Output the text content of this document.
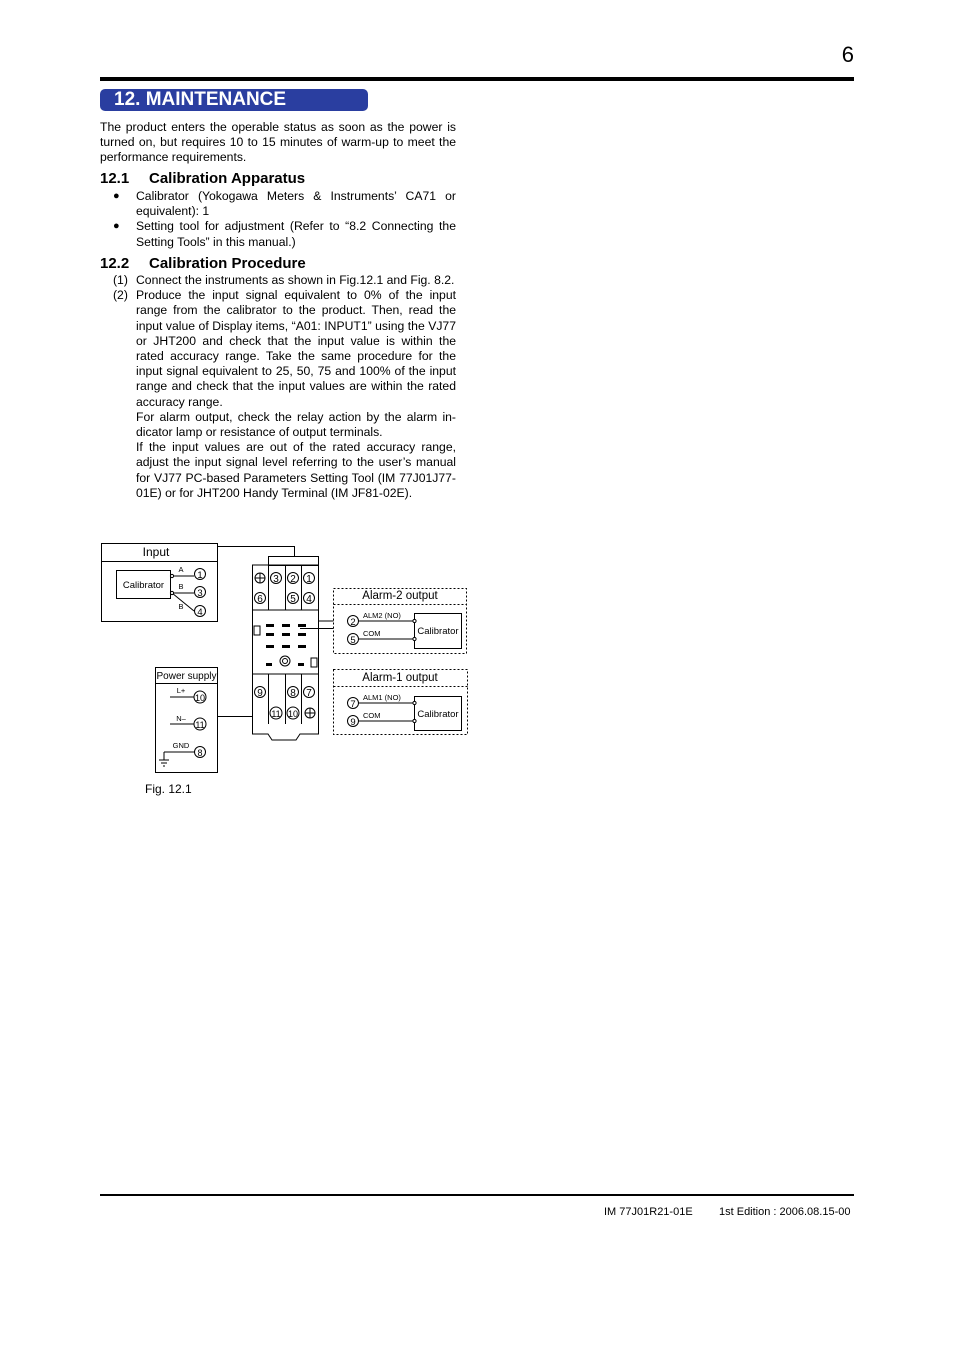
6
12. MAINTENANCE
The product enters the operable status as soon as the power is turned on, but requires 10 to 15 minutes of warm-up to meet the performance requirements.
12.1 Calibration Apparatus
● Calibrator (Yokogawa Meters & Instruments’ CA71 or equivalent): 1
● Setting tool for adjustment (Refer to “8.2 Connecting the Setting Tools” in this manual.)
12.2 Calibration Procedure
(1) Connect the instruments as shown in Fig.12.1 and Fig. 8.2.
(2) Produce the input signal equivalent to 0% of the input range from the calibrator to the product. Then, read the input value of Display items, “A01: INPUT1” using the VJ77 or JHT200 and check that the input value is within the rated accuracy range. Take the same procedure for the input signal equivalent to 25, 50, 75 and 100% of the input range and check that the input values are within the rated accuracy range.
For alarm output, check the relay action by the alarm in-dicator lamp or resistance of output terminals.
If the input values are out of the rated accuracy range, adjust the input signal level referring to the user’s manual for VJ77 PC-based Parameters Setting Tool (IM 77J01J77-01E) or for JHT200 Handy Terminal (IM JF81-02E).
3 2 1
6	5 4
9	8 7
11 10
Input
Calibrator
A
B
B
1
3
4
Power supply
L+
N–
GND
10
11
8
Alarm-2 output
ALM2 (NO)
COM	Calibrator
2
5
Alarm-1 output
ALM1 (NO)
COM	Calibrator
7
9
Fig. 12.1
IM 77J01R21-01E 1st Edition : 2006.08.15-00
